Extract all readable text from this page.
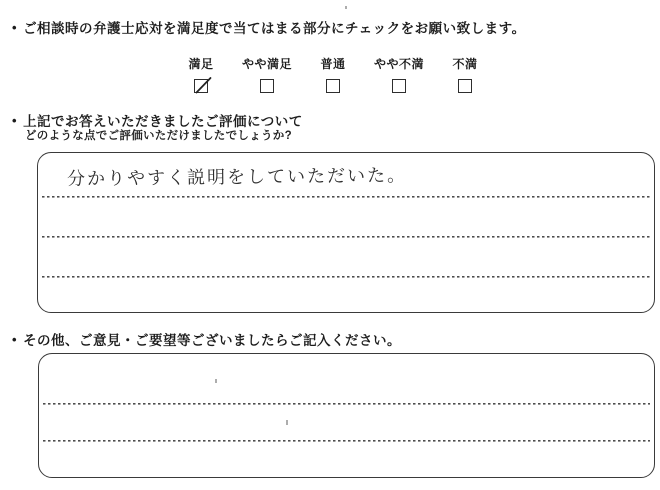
• ご相談時の弁護士応対を満足度で当てはまる部分にチェックをお願い致します。
満足 やや満足 普通 やや不満 不満
• 上記でお答えいただきましたご評価について
どのような点でご評価いただけましたでしょうか?
分かりやすく説明をしていただいた。
• その他、ご意見・ご要望等ございましたらご記入ください。
